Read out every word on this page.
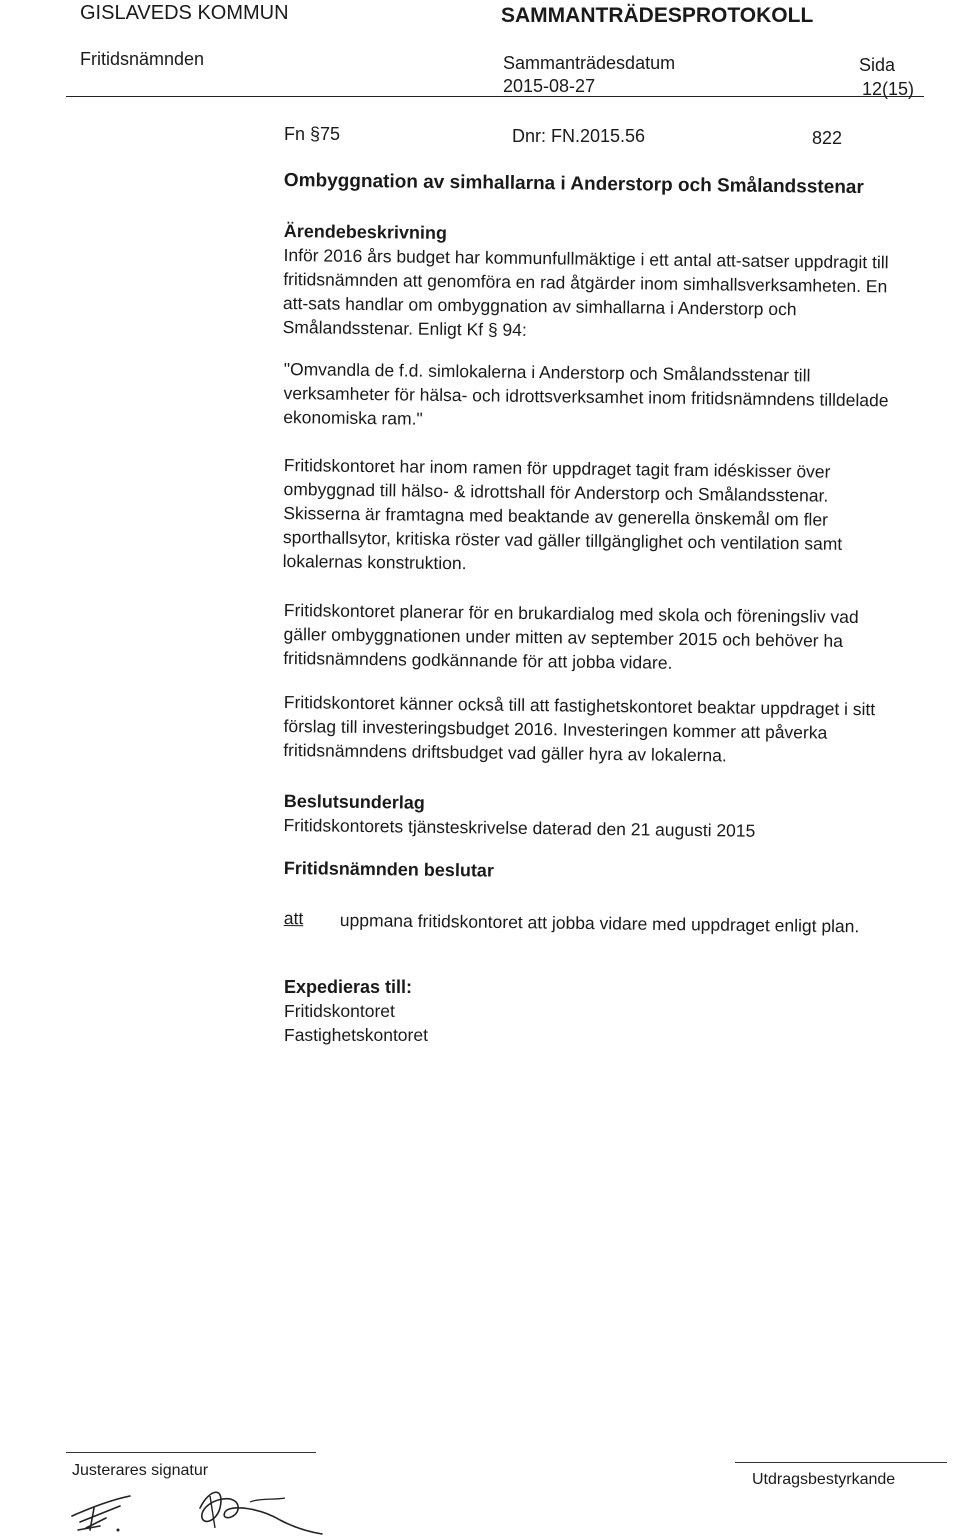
GISLAVEDS KOMMUN	SAMMANTRÄDESPROTOKOLL
Fritidsnämnden	Sammanträdesdatum
2015-08-27
Sida
12(15)
Fn §75	Dnr: FN.2015.56	822
Ombyggnation av simhallarna i Anderstorp och Smålandsstenar

Ärendebeskrivning

Inför 2016 års budget har kommunfullmäktige i ett antal att-satser uppdragit till

fritidsnämnden att genomföra en rad åtgärder inom simhallsverksamheten. En

att-sats handlar om ombyggnation av simhallarna i Anderstorp och

Smålandsstenar. Enligt Kf § 94:

"Omvandla de f.d. simlokalerna i Anderstorp och Smålandsstenar till

verksamheter för hälsa- och idrottsverksamhet inom fritidsnämndens tilldelade

ekonomiska ram."

Fritidskontoret har inom ramen för uppdraget tagit fram idéskisser över

ombyggnad till hälso- & idrottshall för Anderstorp och Smålandsstenar.

Skisserna är framtagna med beaktande av generella önskemål om fler

sporthallsytor, kritiska röster vad gäller tillgänglighet och ventilation samt

lokalernas konstruktion.

Fritidskontoret planerar för en brukardialog med skola och föreningsliv vad

gäller ombyggnationen under mitten av september 2015 och behöver ha

fritidsnämndens godkännande för att jobba vidare.

Fritidskontoret känner också till att fastighetskontoret beaktar uppdraget i sitt

förslag till investeringsbudget 2016. Investeringen kommer att påverka

fritidsnämndens driftsbudget vad gäller hyra av lokalerna.

Beslutsunderlag

Fritidskontorets tjänsteskrivelse daterad den 21 augusti 2015

Fritidsnämnden beslutar
att uppmana fritidskontoret att jobba vidare med uppdraget enligt plan.
Expedieras till:
Fritidskontoret
Fastighetskontoret
Justerares signatur
Utdragsbestyrkande
